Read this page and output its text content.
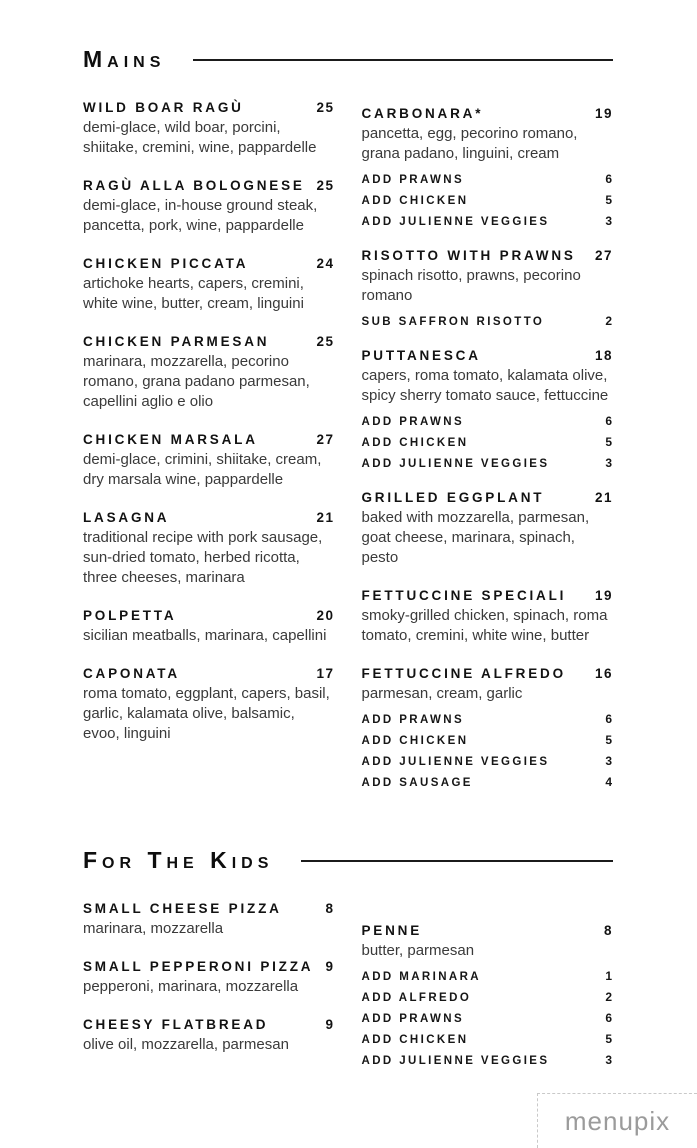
Mains
WILD BOAR RAGÙ	25

demi-glace, wild boar, porcini, shiitake, cremini, wine, pappardelle

RAGÙ ALLA BOLOGNESE 25

demi-glace, in-house ground steak, pancetta, pork, wine, pappardelle

CHICKEN PICCATA	24

artichoke hearts, capers, cremini, white wine, butter, cream, linguini

CHICKEN PARMESAN	25

marinara, mozzarella, pecorino romano, grana padano parmesan, capellini aglio e olio

CHICKEN MARSALA	27

demi-glace, crimini, shiitake, cream, dry marsala wine, pappardelle

LASAGNA	21

traditional recipe with pork sausage, sun-dried tomato, herbed ricotta, three cheeses, marinara

POLPETTA	20

sicilian meatballs, marinara, capellini

CAPONATA	17

roma tomato, eggplant, capers, basil, garlic, kalamata olive, balsamic, evoo, linguini

CARBONARA*	19

pancetta, egg, pecorino romano, grana padano, linguini, cream

ADD PRAWNS	6
ADD CHICKEN	5
ADD JULIENNE VEGGIES	3
RISOTTO WITH PRAWNS 27

spinach risotto, prawns, pecorino romano

SUB SAFFRON RISOTTO	2
PUTTANESCA	18

capers, roma tomato, kalamata olive, spicy sherry tomato sauce, fettuccine

ADD PRAWNS	6
ADD CHICKEN	5
ADD JULIENNE VEGGIES	3
GRILLED EGGPLANT	21

baked with mozzarella, parmesan, goat cheese, marinara, spinach, pesto

FETTUCCINE SPECIALI 19

smoky-grilled chicken, spinach, roma tomato, cremini, white wine, butter

FETTUCCINE ALFREDO 16

parmesan, cream, garlic

ADD PRAWNS	6
ADD CHICKEN	5
ADD JULIENNE VEGGIES	3
ADD SAUSAGE	4
For The Kids
SMALL CHEESE PIZZA	8

marinara, mozzarella

SMALL PEPPERONI PIZZA 9

pepperoni, marinara, mozzarella

CHEESY FLATBREAD	9

olive oil, mozzarella, parmesan

PENNE	8

butter, parmesan

ADD MARINARA	1
ADD ALFREDO	2
ADD PRAWNS	6
ADD CHICKEN	5
ADD JULIENNE VEGGIES	3
menupix
